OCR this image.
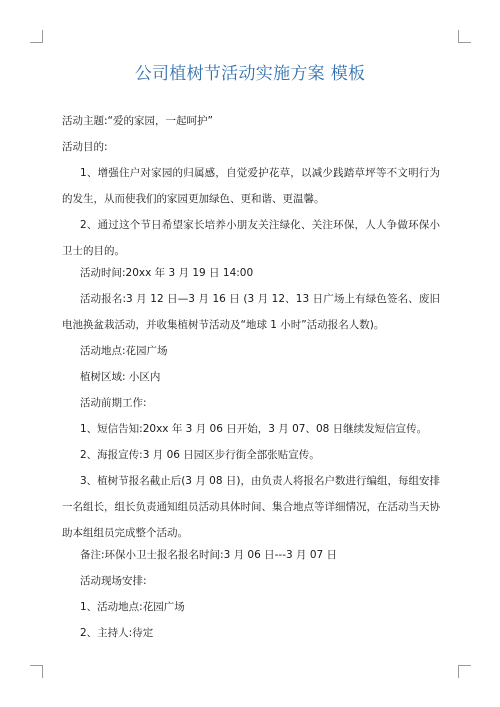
公司植树节活动实施方案 模板
活动主题:“爱的家园，一起呵护”
活动目的:
1、增强住户对家园的归属感，自觉爱护花草，以减少践踏草坪等不文明行为的发生，从而使我们的家园更加绿色、更和谐、更温馨。
2、通过这个节日希望家长培养小朋友关注绿化、关注环保，人人争做环保小卫士的目的。
活动时间:20xx 年 3 月 19 日 14:00
活动报名:3 月 12 日—3 月 16 日 (3 月 12、13 日广场上有绿色签名、废旧电池换盆栽活动，并收集植树节活动及“地球 1 小时”活动报名人数)。
活动地点:花园广场
植树区域: 小区内
活动前期工作:
1、短信告知:20xx 年 3 月 06 日开始，3 月 07、08 日继续发短信宣传。
2、海报宣传:3 月 06 日园区步行街全部张贴宣传。
3、植树节报名截止后(3 月 08 日)，由负责人将报名户数进行编组，每组安排一名组长，组长负责通知组员活动具体时间、集合地点等详细情况，在活动当天协助本组组员完成整个活动。
备注:环保小卫士报名报名时间:3 月 06 日---3 月 07 日
活动现场安排:
1、活动地点:花园广场
2、主持人:待定
